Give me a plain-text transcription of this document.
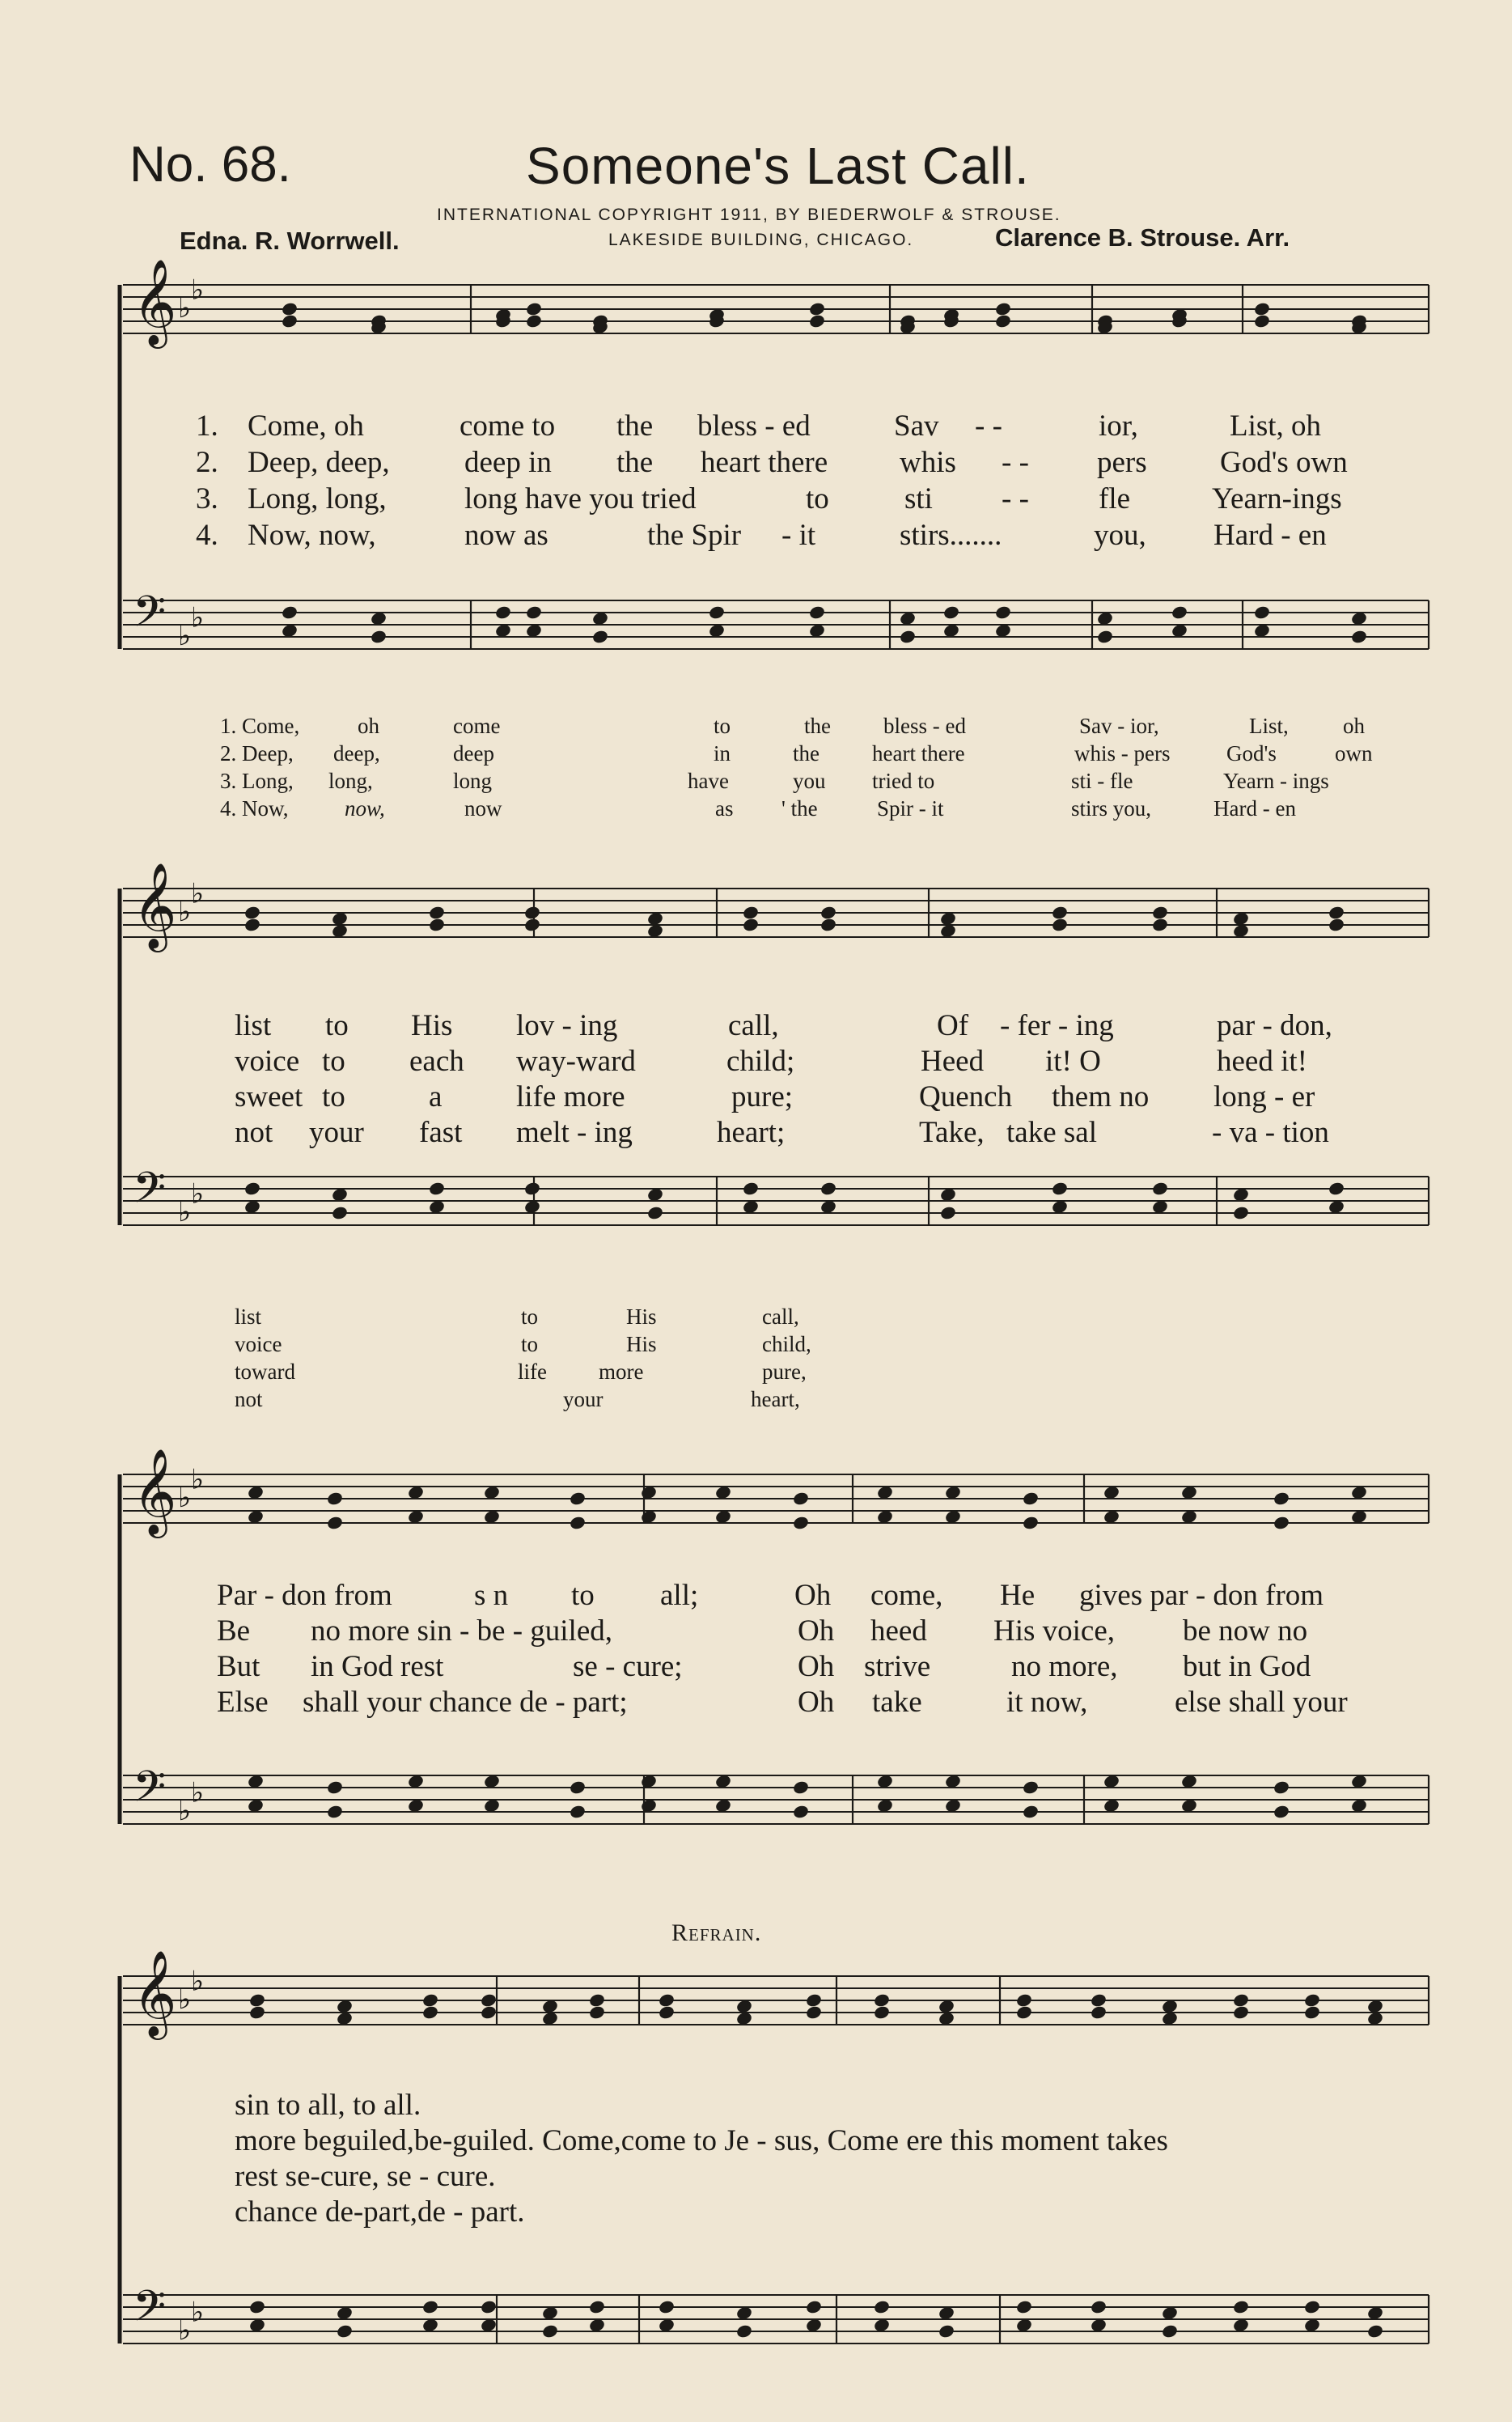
𝄞 ♭
♭
𝄢 ♭
♭
𝄞 ♭
♭
𝄢 ♭
♭
𝄞 ♭
♭
𝄢 ♭
♭
𝄞 ♭
♭
𝄢 ♭
♭
No. 68.	Someone's Last Call.
INTERNATIONAL COPYRIGHT 1911, BY BIEDERWOLF & STROUSE.
Edna. R. Worrwell.	LAKESIDE BUILDING, CHICAGO.	Clarence B. Strouse. Arr.
1. Come, oh	come to the bless - ed	Sav - -	ior,	List, oh
2. Deep, deep, deep in the heart there whis - - pers God's own
3. Long, long,	long have you tried	to	sti - - fle	Yearn-ings
4. Now, now,	now as	the Spir - it	stirs.......	you, Hard - en
1. Come,	oh	come	to	the bless - ed	Sav - ior,	List, oh
2. Deep, deep,	deep	in	the heart there	whis - pers	God's	own
3. Long, long,	long	have	you tried to	sti - fle	Yearn - ings
4. Now,	now,	now	as ' the	Spir - it	stirs you,	Hard - en
list to His lov - ing	call,	Of - fer - ing	par - don,
voice to each way-ward	child;	Heed it! O	heed it!
sweet to	a life more	pure;	Quench them no long - er
not your fast melt - ing	heart;	Take, take sal	- va - tion
list	to	His	call,
voice	to	His	child,
toward	life more	pure,
not	your	heart,
Par - don from	s n to all;	Oh come, He gives par - don from
Be no more sin - be - guiled,	Oh heed His voice, be now no
But in God rest	se - cure;	Oh strive	no more, but in God
Else shall your chance de - part;	Oh take	it now,	else shall your
Refrain.
sin to all, to all.
more beguiled,be-guiled. Come,come to Je - sus, Come ere this moment takes
rest se-cure, se - cure.
chance de-part,de - part.
